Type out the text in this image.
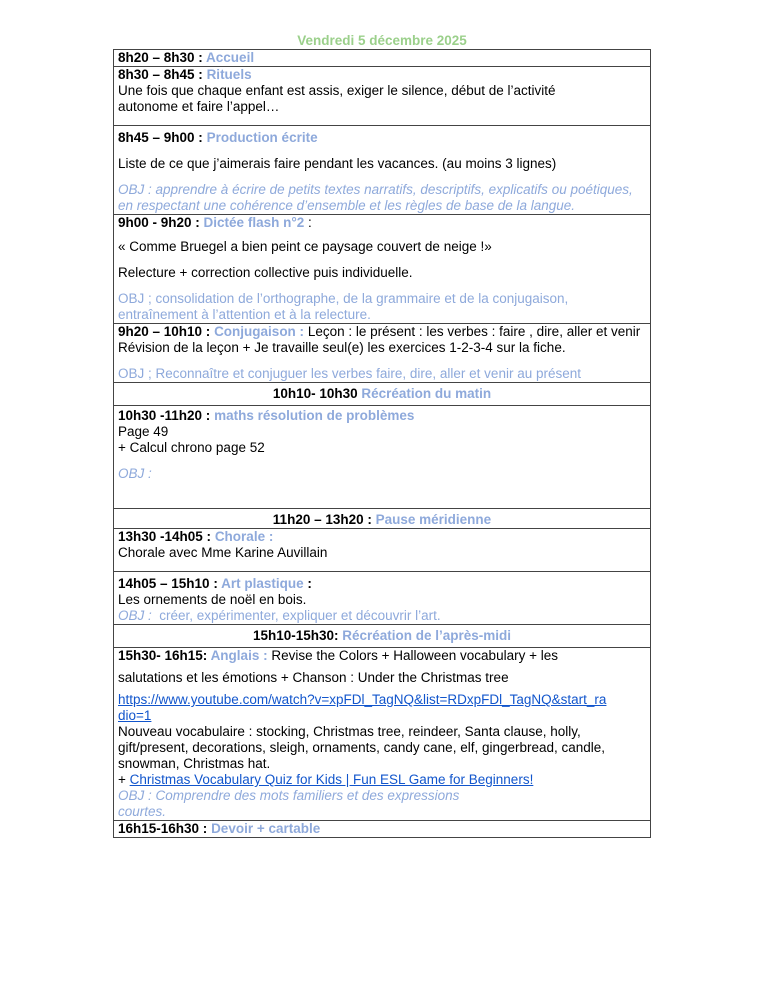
Vendredi 5 décembre 2025
8h20 – 8h30 : Accueil
8h30 – 8h45 : Rituels
Une fois que chaque enfant est assis, exiger le silence, début de l’activité autonome et faire l’appel…

8h45 – 9h00 : Production écrite
Liste de ce que j’aimerais faire pendant les vacances. (au moins 3 lignes)
OBJ : apprendre à écrire de petits textes narratifs, descriptifs, explicatifs ou poétiques, en respectant une cohérence d’ensemble et les règles de base de la langue.

9h00 - 9h20 : Dictée flash n°2 :
« Comme Bruegel a bien peint ce paysage couvert de neige !»
Relecture + correction collective puis individuelle.
OBJ ; consolidation de l’orthographe, de la grammaire et de la conjugaison, entraînement à l’attention et à la relecture.

9h20 – 10h10 : Conjugaison : Leçon : le présent : les verbes : faire , dire, aller et venir
Révision de la leçon + Je travaille seul(e) les exercices 1-2-3-4 sur la fiche.
OBJ ; Reconnaître et conjuguer les verbes faire, dire, aller et venir au présent

10h10- 10h30 Récréation du matin

10h30 -11h20 : maths résolution de problèmes
Page 49
+ Calcul chrono page 52
OBJ :

11h20 – 13h20 : Pause méridienne
13h30 -14h05 : Chorale :
Chorale avec Mme Karine Auvillain

14h05 – 15h10 : Art plastique :
Les ornements de noël en bois.
OBJ :  créer, expérimenter, expliquer et découvrir l’art.

15h10-15h30: Récréation de l’après-midi

15h30- 16h15: Anglais : Revise the Colors + Halloween vocabulary + les
salutations et les émotions + Chanson : Under the Christmas tree
https://www.youtube.com/watch?v=xpFDl_TagNQ&list=RDxpFDl_TagNQ&start_ra
dio=1
Nouveau vocabulaire : stocking, Christmas tree, reindeer, Santa clause, holly, gift/present, decorations, sleigh, ornaments, candy cane, elf, gingerbread, candle, snowman, Christmas hat.
+ Christmas Vocabulary Quiz for Kids | Fun ESL Game for Beginners!
OBJ : Comprendre des mots familiers et des expressions
courtes.

16h15-16h30 : Devoir + cartable
